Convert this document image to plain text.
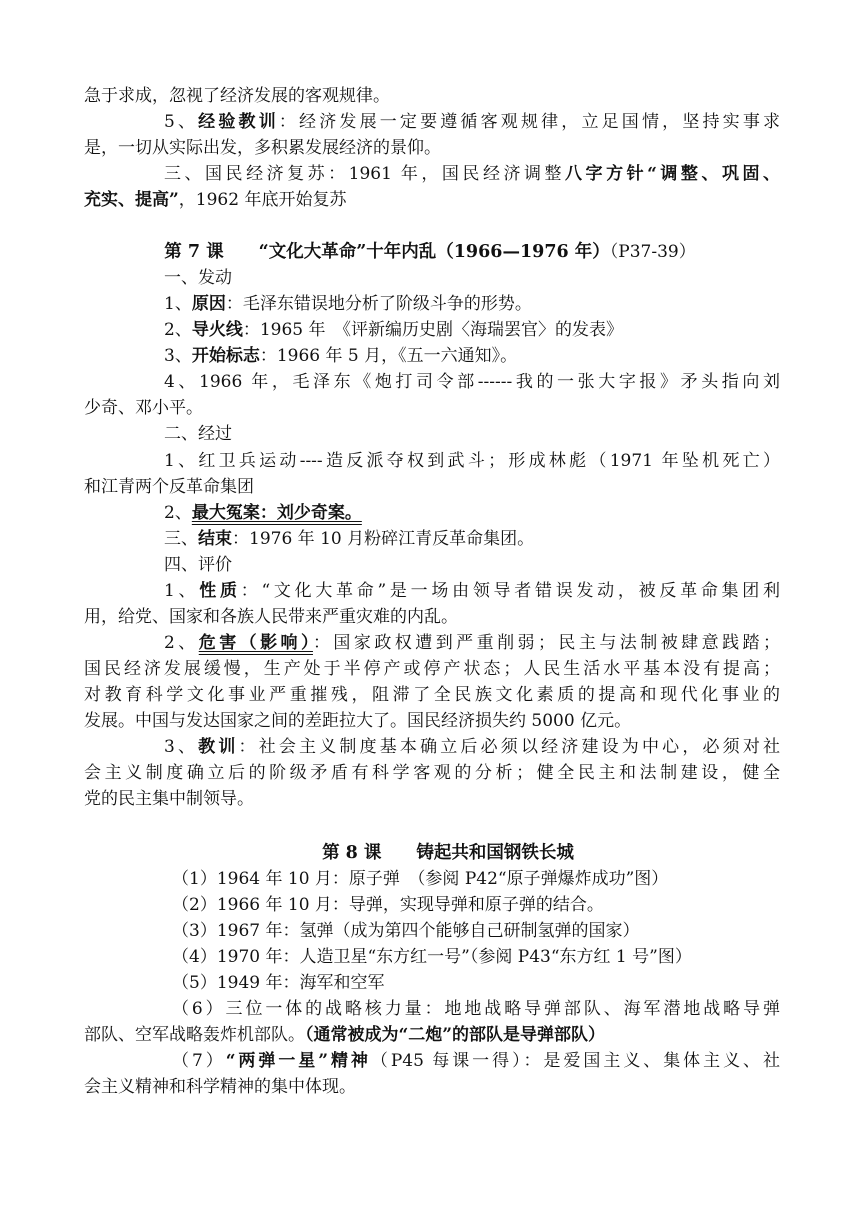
急于求成，忽视了经济发展的客观规律。
5、经验教训：经济发展一定要遵循客观规律，立足国情，坚持实事求
是，一切从实际出发，多积累发展经济的景仰。
三、国民经济复苏：1961 年，国民经济调整八字方针“调整、巩固、
充实、提高”，1962 年底开始复苏
第 7 课　　“文化大革命”十年内乱（1966—1976 年）（P37-39）
一、发动
1、原因：毛泽东错误地分析了阶级斗争的形势。
2、导火线：1965 年　《评新编历史剧〈海瑞罢官〉的发表》
3、开始标志：1966 年 5 月，《五一六通知》。
4、1966 年，毛泽东《炮打司令部------我的一张大字报》矛头指向刘
少奇、邓小平。
二、经过
1、红卫兵运动----造反派夺权到武斗；形成林彪（1971 年坠机死亡）
和江青两个反革命集团
2、最大冤案：刘少奇案。
三、结束：1976 年 10 月粉碎江青反革命集团。
四、评价
1、性质：“文化大革命”是一场由领导者错误发动，被反革命集团利
用，给党、国家和各族人民带来严重灾难的内乱。
2、危害（影响）：国家政权遭到严重削弱；民主与法制被肆意践踏；
国民经济发展缓慢，生产处于半停产或停产状态；人民生活水平基本没有提高；
对教育科学文化事业严重摧残，阻滞了全民族文化素质的提高和现代化事业的
发展。中国与发达国家之间的差距拉大了。国民经济损失约 5000 亿元。
3、教训：社会主义制度基本确立后必须以经济建设为中心，必须对社
会主义制度确立后的阶级矛盾有科学客观的分析；健全民主和法制建设，健全
党的民主集中制领导。
第 8 课　　铸起共和国钢铁长城
（1）1964 年 10 月：原子弹　（参阅 P42“原子弹爆炸成功”图）
（2）1966 年 10 月：导弹，实现导弹和原子弹的结合。
（3）1967 年：氢弹（成为第四个能够自己研制氢弹的国家）
（4）1970 年：人造卫星“东方红一号”（参阅 P43“东方红 1 号”图）
（5）1949 年：海军和空军
（6）三位一体的战略核力量：地地战略导弹部队、海军潜地战略导弹
部队、空军战略轰炸机部队。（通常被成为“二炮”的部队是导弹部队）
（7）“两弹一星”精神（P45 每课一得）：是爱国主义、集体主义、社
会主义精神和科学精神的集中体现。
